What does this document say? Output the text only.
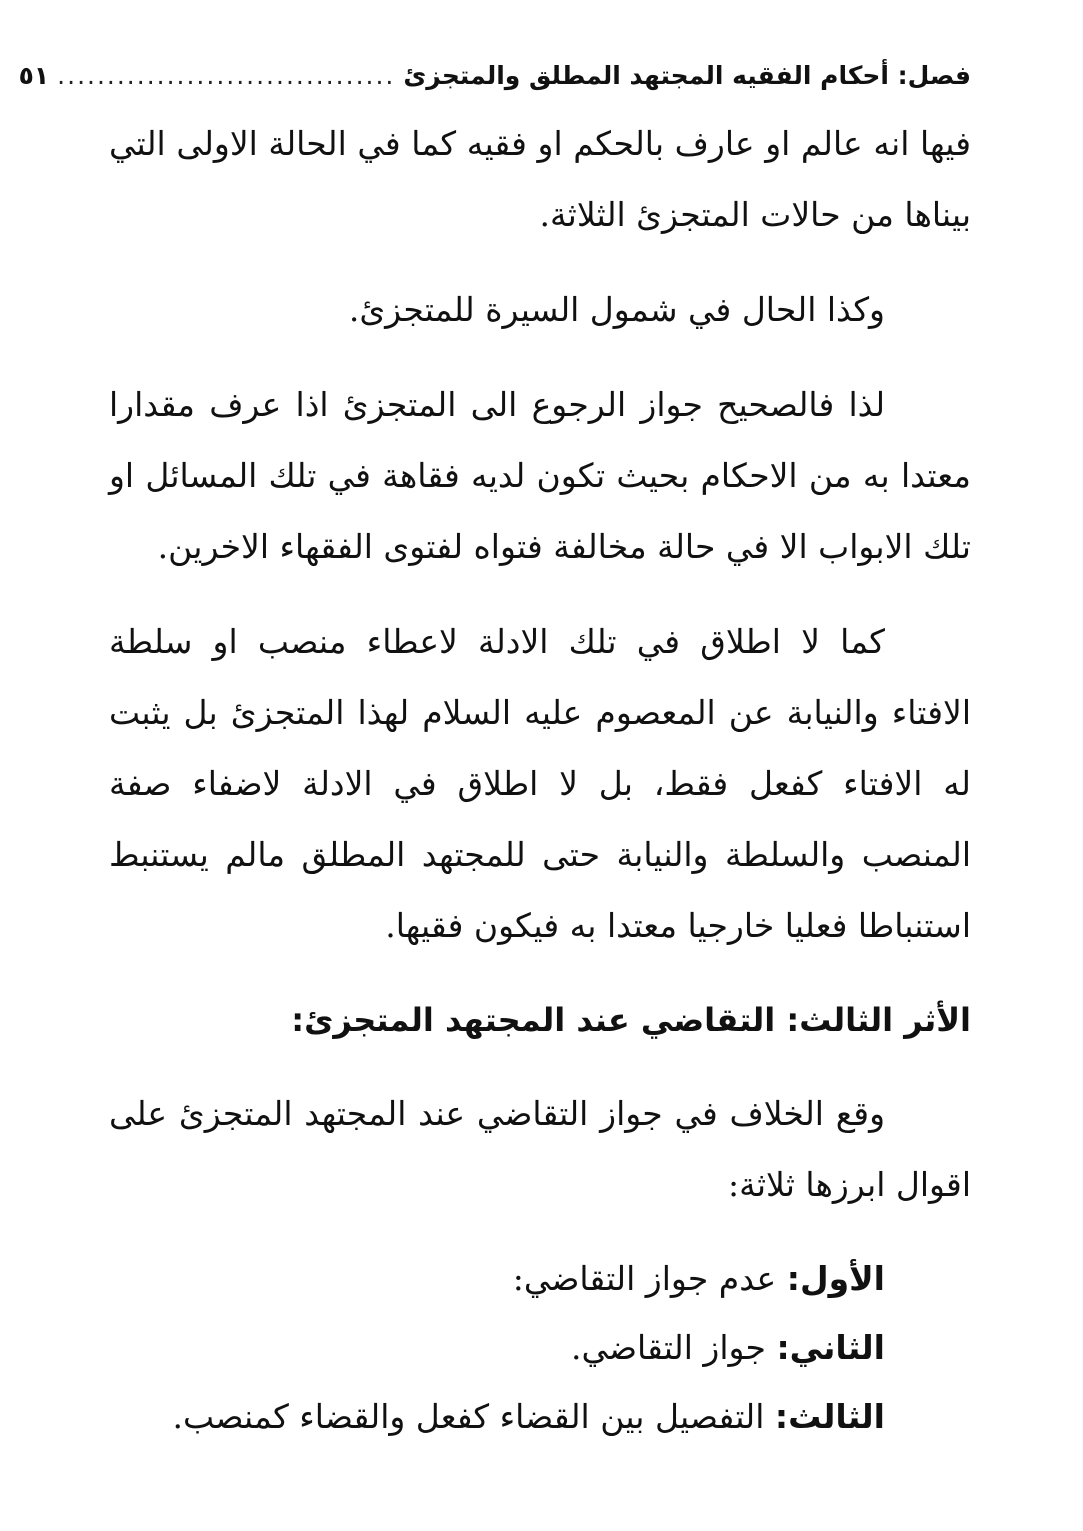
فصل: أحكام الفقيه المجتهد المطلق والمتجزئ
..................................
٥١

فيها انه عالم او عارف بالحكم او فقيه كما في الحالة الاولى التي بيناها من حالات المتجزئ الثلاثة.

وكذا الحال في شمول السيرة للمتجزئ.

لذا فالصحيح جواز الرجوع الى المتجزئ اذا عرف مقدارا معتدا به من الاحكام بحيث تكون لديه فقاهة في تلك المسائل او تلك الابواب الا في حالة مخالفة فتواه لفتوى الفقهاء الاخرين.

كما لا اطلاق في تلك الادلة لاعطاء منصب او سلطة الافتاء والنيابة عن المعصوم عليه السلام لهذا المتجزئ بل يثبت له الافتاء كفعل فقط، بل لا اطلاق في الادلة لاضفاء صفة المنصب والسلطة والنيابة حتى للمجتهد المطلق مالم يستنبط استنباطا فعليا خارجيا معتدا به فيكون فقيها.

الأثر الثالث: التقاضي عند المجتهد المتجزئ:

وقع الخلاف في جواز التقاضي عند المجتهد المتجزئ على اقوال ابرزها ثلاثة:

الأول: عدم جواز التقاضي:
الثاني: جواز التقاضي.
الثالث: التفصيل بين القضاء كفعل والقضاء كمنصب.
